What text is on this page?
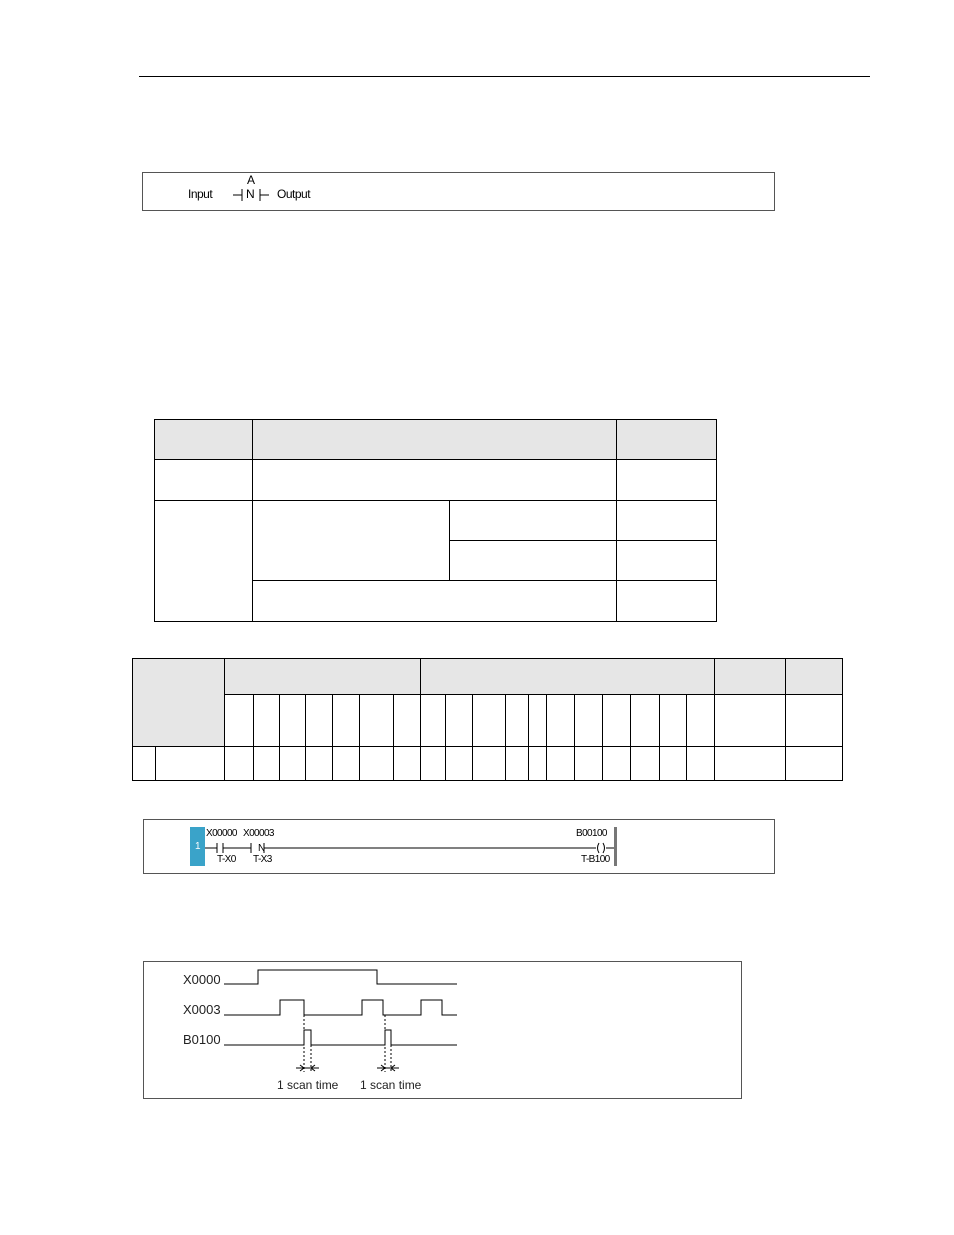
A
Input	N Output

1
X00000 X00003	B00100
N
T-X0 T-X3	T-B100
X0000
X0003
B0100
1 scan time 1 scan time
